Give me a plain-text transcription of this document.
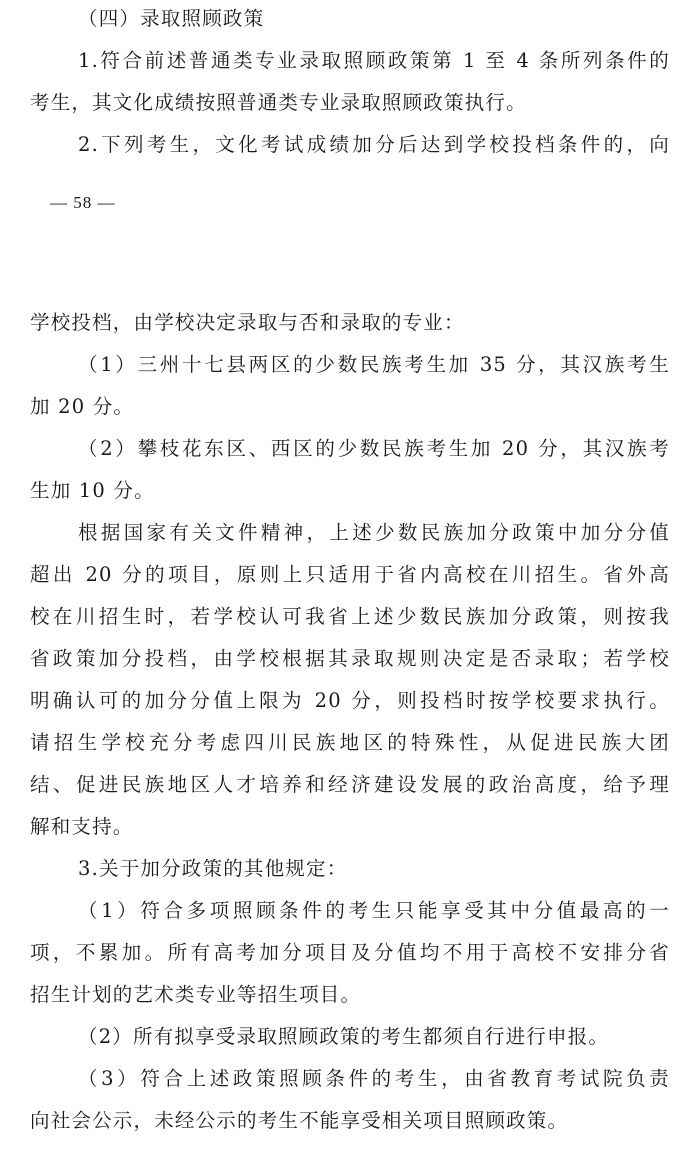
（四）录取照顾政策
1.符合前述普通类专业录取照顾政策第 1 至 4 条所列条件的
考生，其文化成绩按照普通类专业录取照顾政策执行。
2.下列考生，文化考试成绩加分后达到学校投档条件的，向
— 58 —
学校投档，由学校决定录取与否和录取的专业：
（1）三州十七县两区的少数民族考生加 35 分，其汉族考生
加 20 分。
（2）攀枝花东区、西区的少数民族考生加 20 分，其汉族考
生加 10 分。
根据国家有关文件精神，上述少数民族加分政策中加分分值
超出 20 分的项目，原则上只适用于省内高校在川招生。省外高
校在川招生时，若学校认可我省上述少数民族加分政策，则按我
省政策加分投档，由学校根据其录取规则决定是否录取；若学校
明确认可的加分分值上限为 20 分，则投档时按学校要求执行。
请招生学校充分考虑四川民族地区的特殊性，从促进民族大团
结、促进民族地区人才培养和经济建设发展的政治高度，给予理
解和支持。
3.关于加分政策的其他规定：
（1）符合多项照顾条件的考生只能享受其中分值最高的一
项，不累加。所有高考加分项目及分值均不用于高校不安排分省
招生计划的艺术类专业等招生项目。
（2）所有拟享受录取照顾政策的考生都须自行进行申报。
（3）符合上述政策照顾条件的考生，由省教育考试院负责
向社会公示，未经公示的考生不能享受相关项目照顾政策。
